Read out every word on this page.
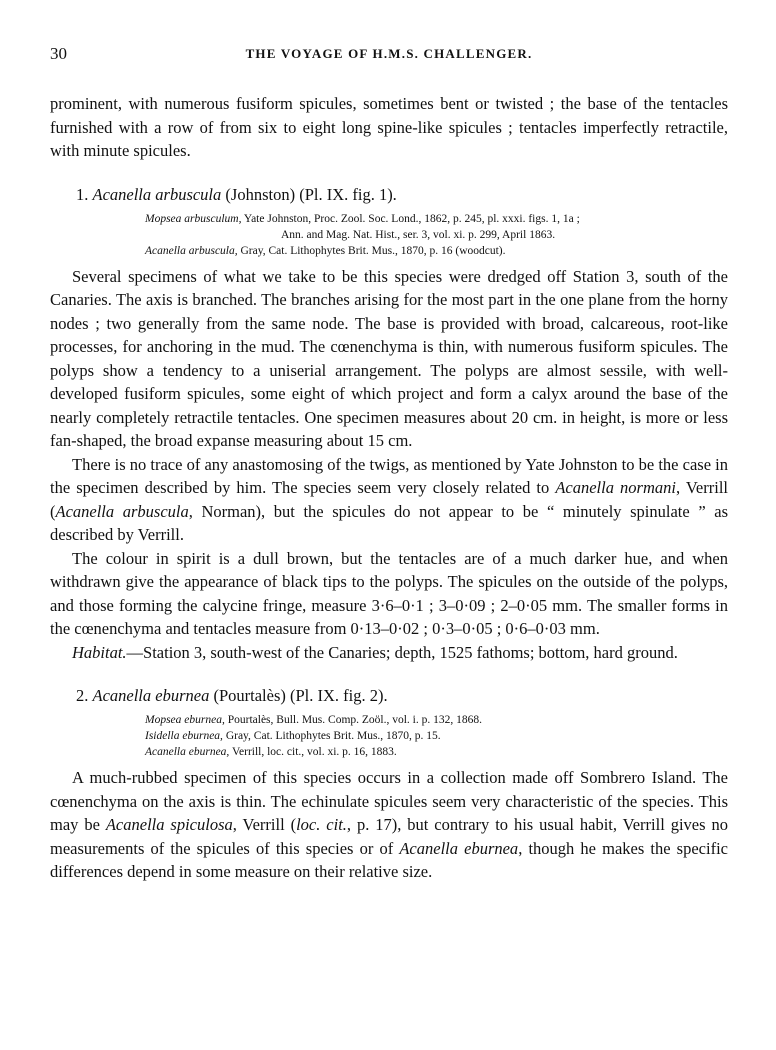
30	THE VOYAGE OF H.M.S. CHALLENGER.

prominent, with numerous fusiform spicules, sometimes bent or twisted ; the base of the tentacles furnished with a row of from six to eight long spine-like spicules ; tentacles imperfectly retractile, with minute spicules.

1. Acanella arbuscula (Johnston) (Pl. IX. fig. 1).
Mopsea arbusculum, Yate Johnston, Proc. Zool. Soc. Lond., 1862, p. 245, pl. xxxi. figs. 1, 1a ;
Ann. and Mag. Nat. Hist., ser. 3, vol. xi. p. 299, April 1863.
Acanella arbuscula, Gray, Cat. Lithophytes Brit. Mus., 1870, p. 16 (woodcut).

Several specimens of what we take to be this species were dredged off Station 3, south of the Canaries. The axis is branched. The branches arising for the most part in the one plane from the horny nodes ; two generally from the same node. The base is provided with broad, calcareous, root-like processes, for anchoring in the mud. The cœnenchyma is thin, with numerous fusiform spicules. The polyps show a tendency to a uniserial arrangement. The polyps are almost sessile, with well-developed fusiform spicules, some eight of which project and form a calyx around the base of the nearly completely retractile tentacles. One specimen measures about 20 cm. in height, is more or less fan-shaped, the broad expanse measuring about 15 cm.

There is no trace of any anastomosing of the twigs, as mentioned by Yate Johnston to be the case in the specimen described by him. The species seem very closely related to Acanella normani, Verrill (Acanella arbuscula, Norman), but the spicules do not appear to be “ minutely spinulate ” as described by Verrill.

The colour in spirit is a dull brown, but the tentacles are of a much darker hue, and when withdrawn give the appearance of black tips to the polyps. The spicules on the outside of the polyps, and those forming the calycine fringe, measure 3·6–0·1 ; 3–0·09 ; 2–0·05 mm. The smaller forms in the cœnenchyma and tentacles measure from 0·13–0·02 ; 0·3–0·05 ; 0·6–0·03 mm.

Habitat.—Station 3, south-west of the Canaries; depth, 1525 fathoms; bottom, hard ground.

2. Acanella eburnea (Pourtalès) (Pl. IX. fig. 2).
Mopsea eburnea, Pourtalès, Bull. Mus. Comp. Zoöl., vol. i. p. 132, 1868.
Isidella eburnea, Gray, Cat. Lithophytes Brit. Mus., 1870, p. 15.
Acanella eburnea, Verrill, loc. cit., vol. xi. p. 16, 1883.

A much-rubbed specimen of this species occurs in a collection made off Sombrero Island. The cœnenchyma on the axis is thin. The echinulate spicules seem very characteristic of the species. This may be Acanella spiculosa, Verrill (loc. cit., p. 17), but contrary to his usual habit, Verrill gives no measurements of the spicules of this species or of Acanella eburnea, though he makes the specific differences depend in some measure on their relative size.
